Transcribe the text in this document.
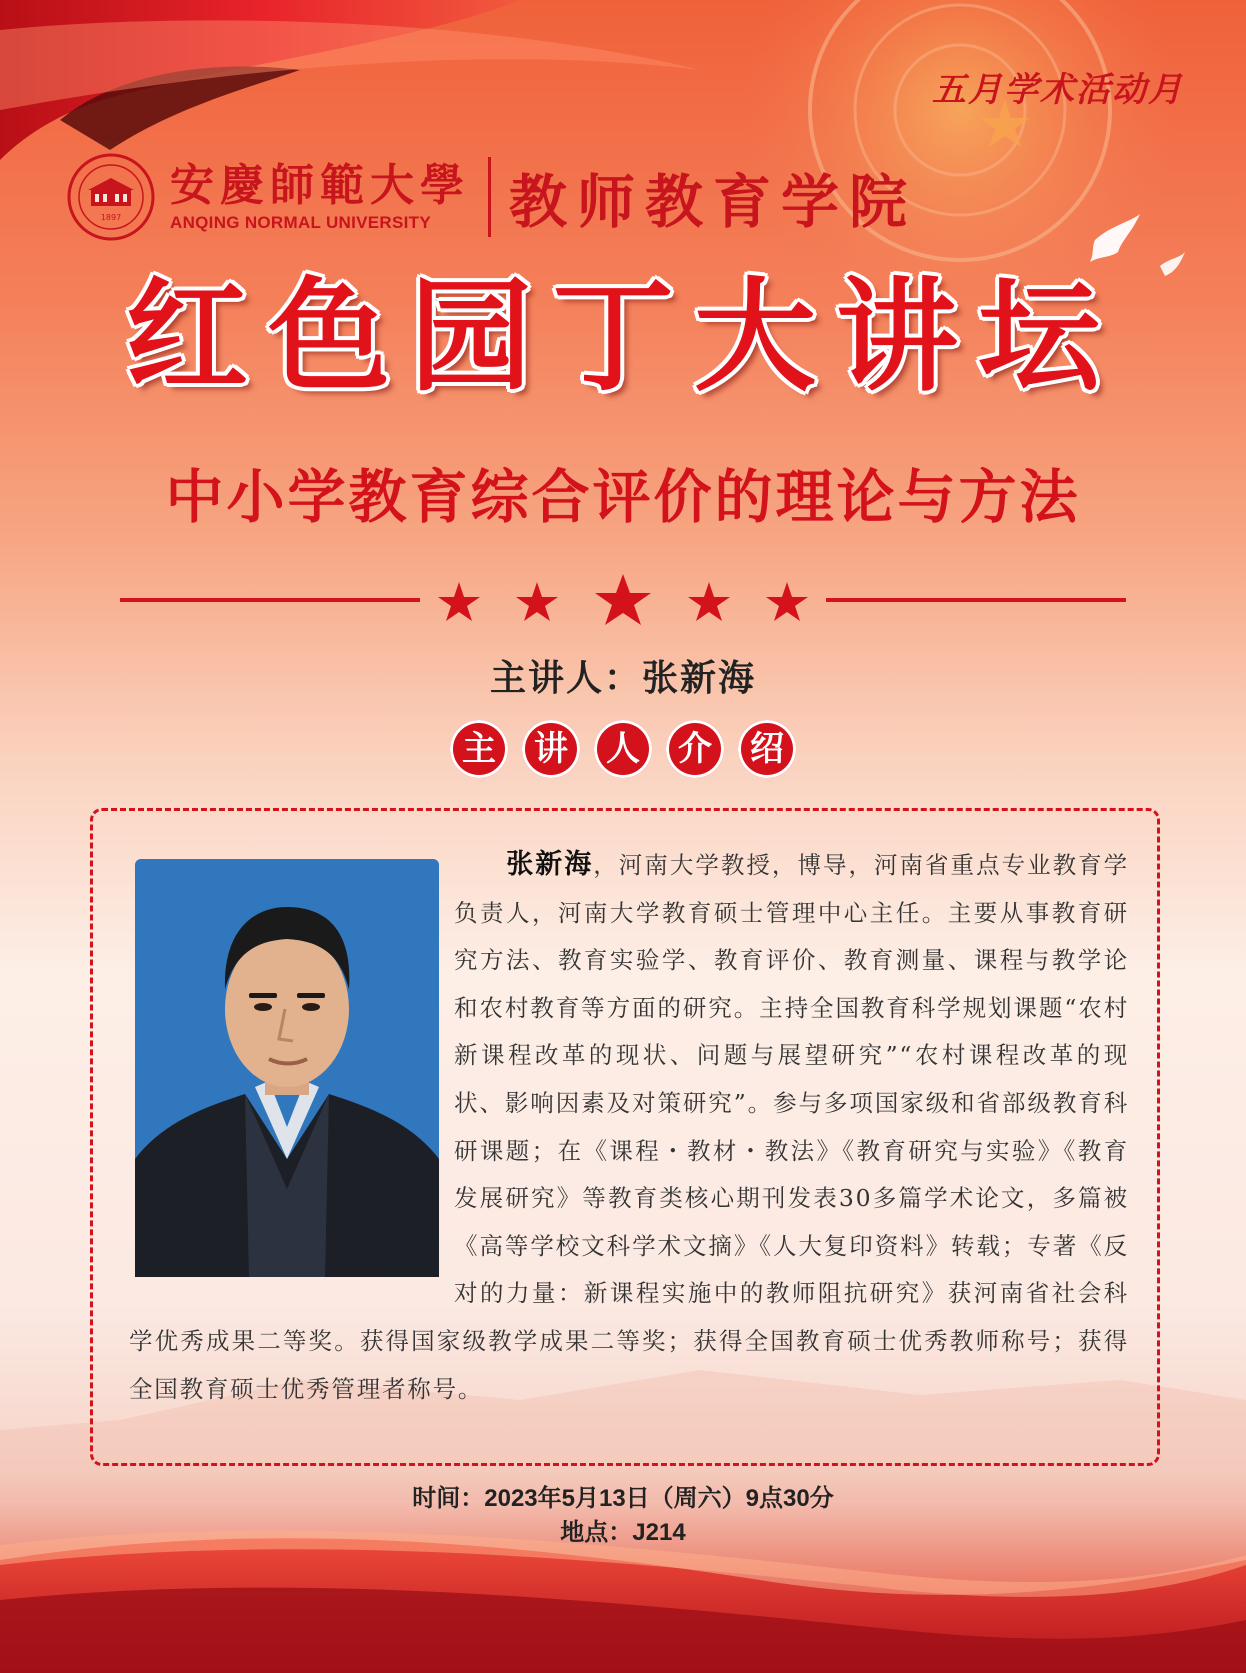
五月学术活动月
1897
安慶師範大學
ANQING NORMAL UNIVERSITY	教师教育学院
红色园丁大讲坛
中小学教育综合评价的理论与方法
主讲人：张新海
主	讲	人	介	绍
张新海，河南大学教授，博导，河南省重点专业教育学负责人，河南大学教育硕士管理中心主任。主要从事教育研究方法、教育实验学、教育评价、教育测量、课程与教学论和农村教育等方面的研究。主持全国教育科学规划课题“农村新课程改革的现状、问题与展望研究”“农村课程改革的现状、影响因素及对策研究”。参与多项国家级和省部级教育科研课题；在《课程・教材・教法》《教育研究与实验》《教育发展研究》等教育类核心期刊发表30多篇学术论文，多篇被《高等学校文科学术文摘》《人大复印资料》转载；专著《反对的力量：新课程实施中的教师阻抗研究》获河南省社会科学优秀成果二等奖。获得国家级教学成果二等奖；获得全国教育硕士优秀教师称号；获得全国教育硕士优秀管理者称号。
时间：2023年5月13日（周六）9点30分
地点：J214
